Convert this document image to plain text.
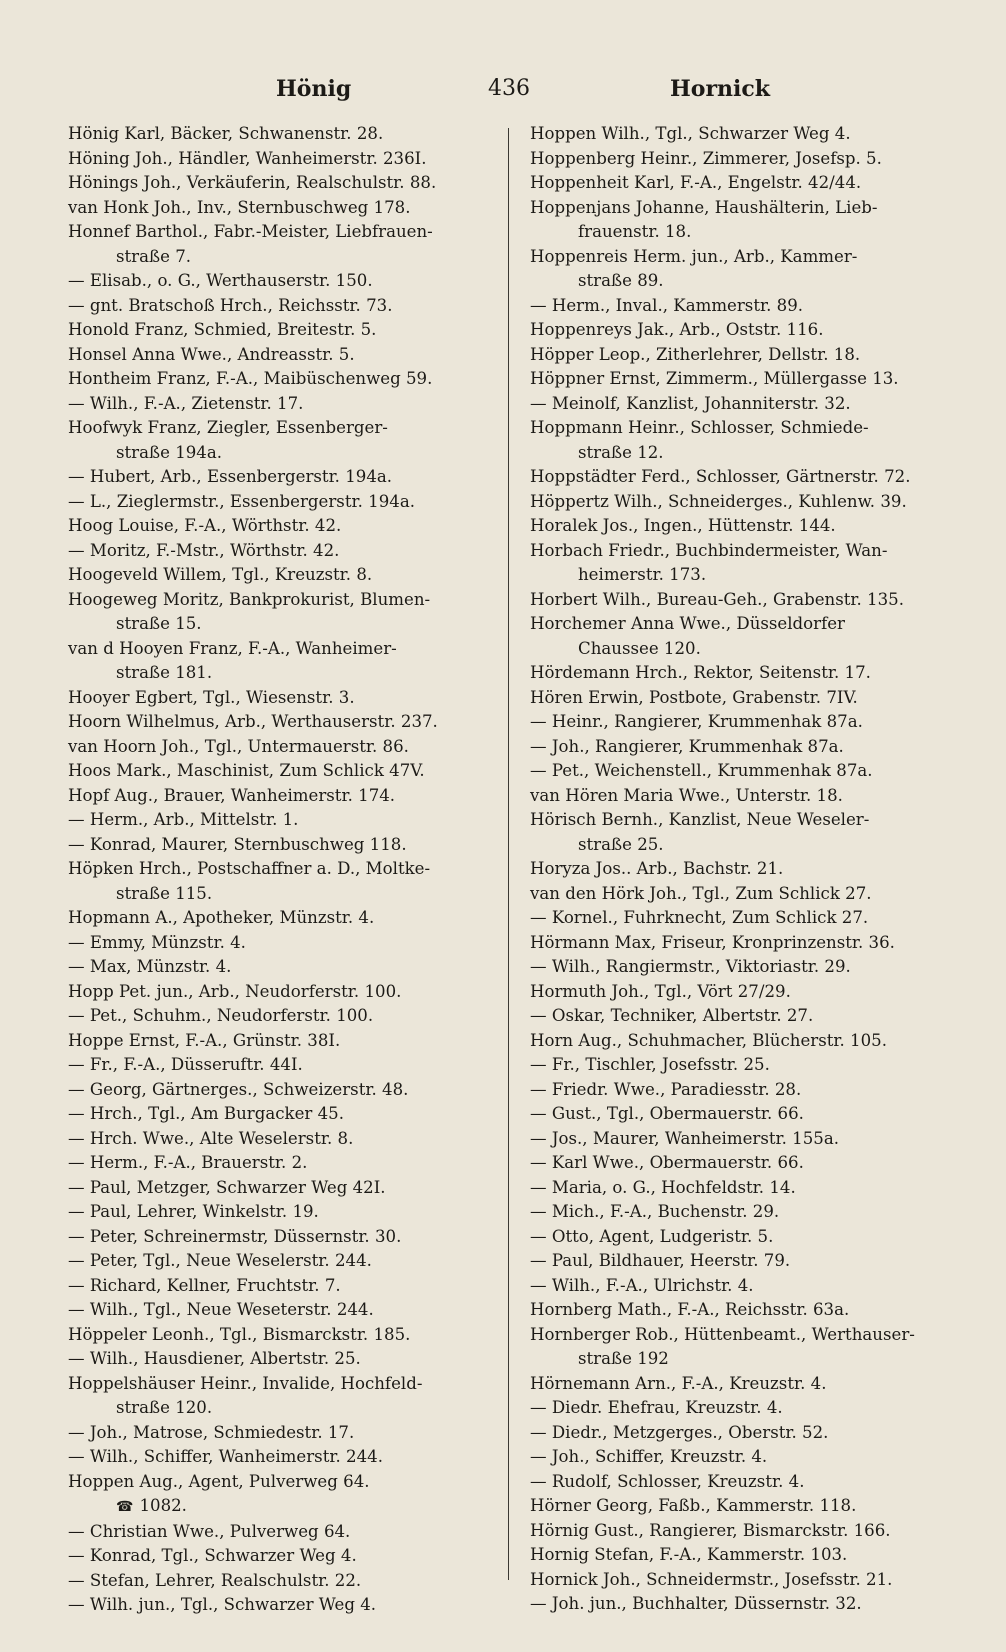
Hönig	436	Hornick

Hönig Karl, Bäcker, Schwanenstr. 28.

Höning Joh., Händler, Wanheimerstr. 236I.

Hönings Joh., Verkäuferin, Realschulstr. 88.

van Honk Joh., Inv., Sternbuschweg 178.

Honnef Barthol., Fabr.-Meister, Liebfrauen-
straße 7.

— Elisab., o. G., Werthauserstr. 150.

— gnt. Bratschoß Hrch., Reichsstr. 73.

Honold Franz, Schmied, Breitestr. 5.

Honsel Anna Wwe., Andreasstr. 5.

Hontheim Franz, F.-A., Maibüschenweg 59.

— Wilh., F.-A., Zietenstr. 17.

Hoofwyk Franz, Ziegler, Essenberger-
straße 194a.

— Hubert, Arb., Essenbergerstr. 194a.

— L., Zieglermstr., Essenbergerstr. 194a.

Hoog Louise, F.-A., Wörthstr. 42.

— Moritz, F.-Mstr., Wörthstr. 42.

Hoogeveld Willem, Tgl., Kreuzstr. 8.

Hoogeweg Moritz, Bankprokurist, Blumen-
straße 15.

van d Hooyen Franz, F.-A., Wanheimer-
straße 181.

Hooyer Egbert, Tgl., Wiesenstr. 3.

Hoorn Wilhelmus, Arb., Werthauserstr. 237.

van Hoorn Joh., Tgl., Untermauerstr. 86.

Hoos Mark., Maschinist, Zum Schlick 47V.

Hopf Aug., Brauer, Wanheimerstr. 174.

— Herm., Arb., Mittelstr. 1.

— Konrad, Maurer, Sternbuschweg 118.

Höpken Hrch., Postschaffner a. D., Moltke-
straße 115.

Hopmann A., Apotheker, Münzstr. 4.

— Emmy, Münzstr. 4.

— Max, Münzstr. 4.

Hopp Pet. jun., Arb., Neudorferstr. 100.

— Pet., Schuhm., Neudorferstr. 100.

Hoppe Ernst, F.-A., Grünstr. 38I.

— Fr., F.-A., Düsseruftr. 44I.

— Georg, Gärtnerges., Schweizerstr. 48.

— Hrch., Tgl., Am Burgacker 45.

— Hrch. Wwe., Alte Weselerstr. 8.

— Herm., F.-A., Brauerstr. 2.

— Paul, Metzger, Schwarzer Weg 42I.

— Paul, Lehrer, Winkelstr. 19.

— Peter, Schreinermstr, Düssernstr. 30.

— Peter, Tgl., Neue Weselerstr. 244.

— Richard, Kellner, Fruchtstr. 7.

— Wilh., Tgl., Neue Weseterstr. 244.

Höppeler Leonh., Tgl., Bismarckstr. 185.

— Wilh., Hausdiener, Albertstr. 25.

Hoppelshäuser Heinr., Invalide, Hochfeld-
straße 120.

— Joh., Matrose, Schmiedestr. 17.

— Wilh., Schiffer, Wanheimerstr. 244.

Hoppen Aug., Agent, Pulverweg 64.

☎ 1082.

— Christian Wwe., Pulverweg 64.

— Konrad, Tgl., Schwarzer Weg 4.

— Stefan, Lehrer, Realschulstr. 22.

— Wilh. jun., Tgl., Schwarzer Weg 4.

Hoppen Wilh., Tgl., Schwarzer Weg 4.

Hoppenberg Heinr., Zimmerer, Josefsp. 5.

Hoppenheit Karl, F.-A., Engelstr. 42/44.

Hoppenjans Johanne, Haushälterin, Lieb-
frauenstr. 18.

Hoppenreis Herm. jun., Arb., Kammer-
straße 89.

— Herm., Inval., Kammerstr. 89.

Hoppenreys Jak., Arb., Oststr. 116.

Höpper Leop., Zitherlehrer, Dellstr. 18.

Höppner Ernst, Zimmerm., Müllergasse 13.

— Meinolf, Kanzlist, Johanniterstr. 32.

Hoppmann Heinr., Schlosser, Schmiede-
straße 12.

Hoppstädter Ferd., Schlosser, Gärtnerstr. 72.

Höppertz Wilh., Schneiderges., Kuhlenw. 39.

Horalek Jos., Ingen., Hüttenstr. 144.

Horbach Friedr., Buchbindermeister, Wan-
heimerstr. 173.

Horbert Wilh., Bureau-Geh., Grabenstr. 135.

Horchemer Anna Wwe., Düsseldorfer
Chaussee 120.

Hördemann Hrch., Rektor, Seitenstr. 17.

Hören Erwin, Postbote, Grabenstr. 7IV.

— Heinr., Rangierer, Krummenhak 87a.

— Joh., Rangierer, Krummenhak 87a.

— Pet., Weichenstell., Krummenhak 87a.

van Hören Maria Wwe., Unterstr. 18.

Hörisch Bernh., Kanzlist, Neue Weseler-
straße 25.

Horyza Jos.. Arb., Bachstr. 21.

van den Hörk Joh., Tgl., Zum Schlick 27.

— Kornel., Fuhrknecht, Zum Schlick 27.

Hörmann Max, Friseur, Kronprinzenstr. 36.

— Wilh., Rangiermstr., Viktoriastr. 29.

Hormuth Joh., Tgl., Vört 27/29.

— Oskar, Techniker, Albertstr. 27.

Horn Aug., Schuhmacher, Blücherstr. 105.

— Fr., Tischler, Josefsstr. 25.

— Friedr. Wwe., Paradiesstr. 28.

— Gust., Tgl., Obermauerstr. 66.

— Jos., Maurer, Wanheimerstr. 155a.

— Karl Wwe., Obermauerstr. 66.

— Maria, o. G., Hochfeldstr. 14.

— Mich., F.-A., Buchenstr. 29.

— Otto, Agent, Ludgeristr. 5.

— Paul, Bildhauer, Heerstr. 79.

— Wilh., F.-A., Ulrichstr. 4.

Hornberg Math., F.-A., Reichsstr. 63a.

Hornberger Rob., Hüttenbeamt., Werthauser-
straße 192

Hörnemann Arn., F.-A., Kreuzstr. 4.

— Diedr. Ehefrau, Kreuzstr. 4.

— Diedr., Metzgerges., Oberstr. 52.

— Joh., Schiffer, Kreuzstr. 4.

— Rudolf, Schlosser, Kreuzstr. 4.

Hörner Georg, Faßb., Kammerstr. 118.

Hörnig Gust., Rangierer, Bismarckstr. 166.

Hornig Stefan, F.-A., Kammerstr. 103.

Hornick Joh., Schneidermstr., Josefsstr. 21.

— Joh. jun., Buchhalter, Düssernstr. 32.
